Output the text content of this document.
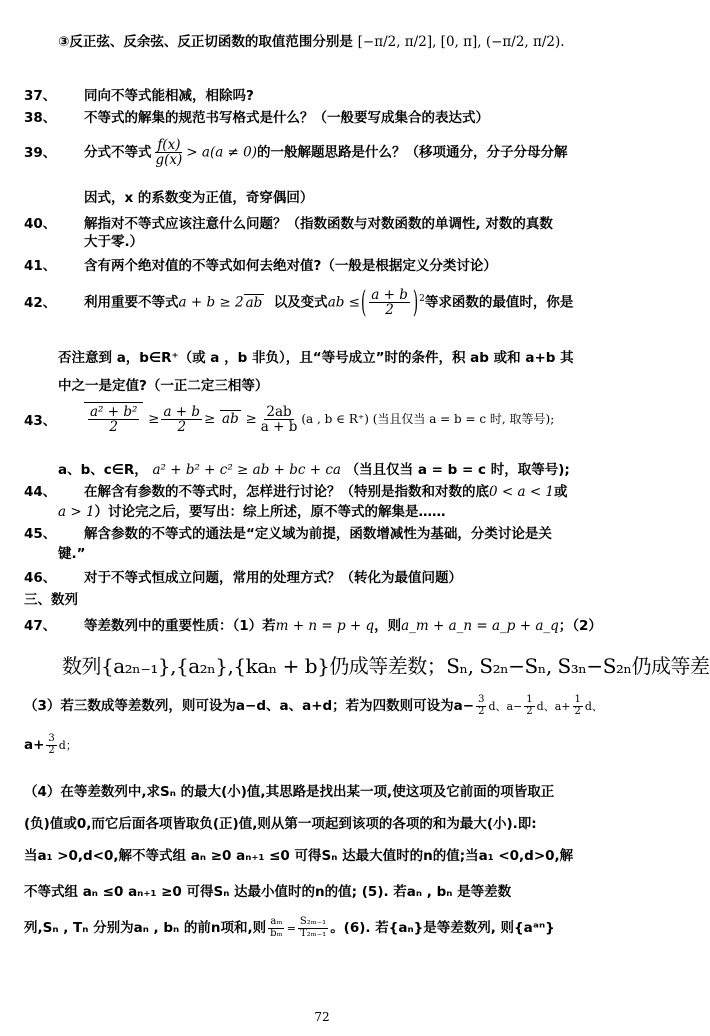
③反正弦、反余弦、反正切函数的取值范围分别是 [−π/2, π/2], [0, π], (−π/2, π/2).
37、 同向不等式能相减，相除吗?
38、 不等式的解集的规范书写格式是什么？（一般要写成集合的表达式）
39、 分式不等式 $\frac{f(x)}{g(x)} > a(a \ne 0)$的一般解题思路是什么？（移项通分，分子分母分解
因式，x 的系数变为正值，奇穿偶回）
40、 解指对不等式应该注意什么问题？（指数函数与对数函数的单调性, 对数的真数
大于零.）
41、 含有两个绝对值的不等式如何去绝对值?（一般是根据定义分类讨论）
42、 利用重要不等式a + b ≥ 2 ab 以及变式ab ≤( $\frac{a + b}{2} )^2$等求函数的最值时，你是
否注意到 a，b∈R⁺（或 a ，b 非负），且“等号成立”时的条件，积 ab 或和 a+b 其
中之一是定值?（一正二定三相等）
43、 $\frac{\text{a² + b²}}{2} \ge \frac{a + b}{2}$ ≥ ab ≥ $\frac{2ab}{a + b} (a$ , b ∈ R⁺) (当且仅当 a = b = c 时, 取等号);
a、b、c∈R， a² + b² + c² ≥ ab + bc + ca （当且仅当 a = b = c 时，取等号);
44、 在解含有参数的不等式时，怎样进行讨论？（特别是指数和对数的底0 < a < 1或
a > 1）讨论完之后，要写出：综上所述，原不等式的解集是……
45、 解含参数的不等式的通法是“定义域为前提，函数增减性为基础，分类讨论是关
键.”
46、 对于不等式恒成立问题，常用的处理方式？（转化为最值问题）
三、数列
47、 等差数列中的重要性质：（1）若m + n = p + q，则a_m + a_n = a_p + a_q；（2）
数列{a₂ₙ₋₁},{a₂ₙ},{kaₙ + b}仍成等差数；Sₙ, S₂ₙ−Sₙ, S₃ₙ−S₂ₙ仍成等差
（3）若三数成等差数列，则可设为a−d、a、a+d；若为四数则可设为$a- \frac{3}{2}$ d、$a- \frac{1}{2}$ d、$a+ \frac{1}{2}$ d、
$a+ \frac{3}{2}$ d；
（4）在等差数列中,求Sₙ 的最大(小)值,其思路是找出某一项,使这项及它前面的项皆取正
(负)值或0,而它后面各项皆取负(正)值,则从第一项起到该项的各项的和为最大(小).即:
当a₁ >0,d<0,解不等式组 aₙ ≥0 aₙ₊₁ ≤0 可得Sₙ 达最大值时的n的值;当a₁ <0,d>0,解
不等式组 aₙ ≤0 aₙ₊₁ ≥0 可得Sₙ 达最小值时的n的值; (5). 若aₙ , bₙ 是等差数
列,Sₙ , Tₙ 分别为aₙ , bₙ 的前n项和,则 $\frac{\text{aₘ}}{\text{bₘ}} = \frac{\text{S₂ₘ₋₁}}{\text{T₂ₘ₋₁}}$ 。(6). 若{aₙ}是等差数列, 则{aᵃⁿ}
72
